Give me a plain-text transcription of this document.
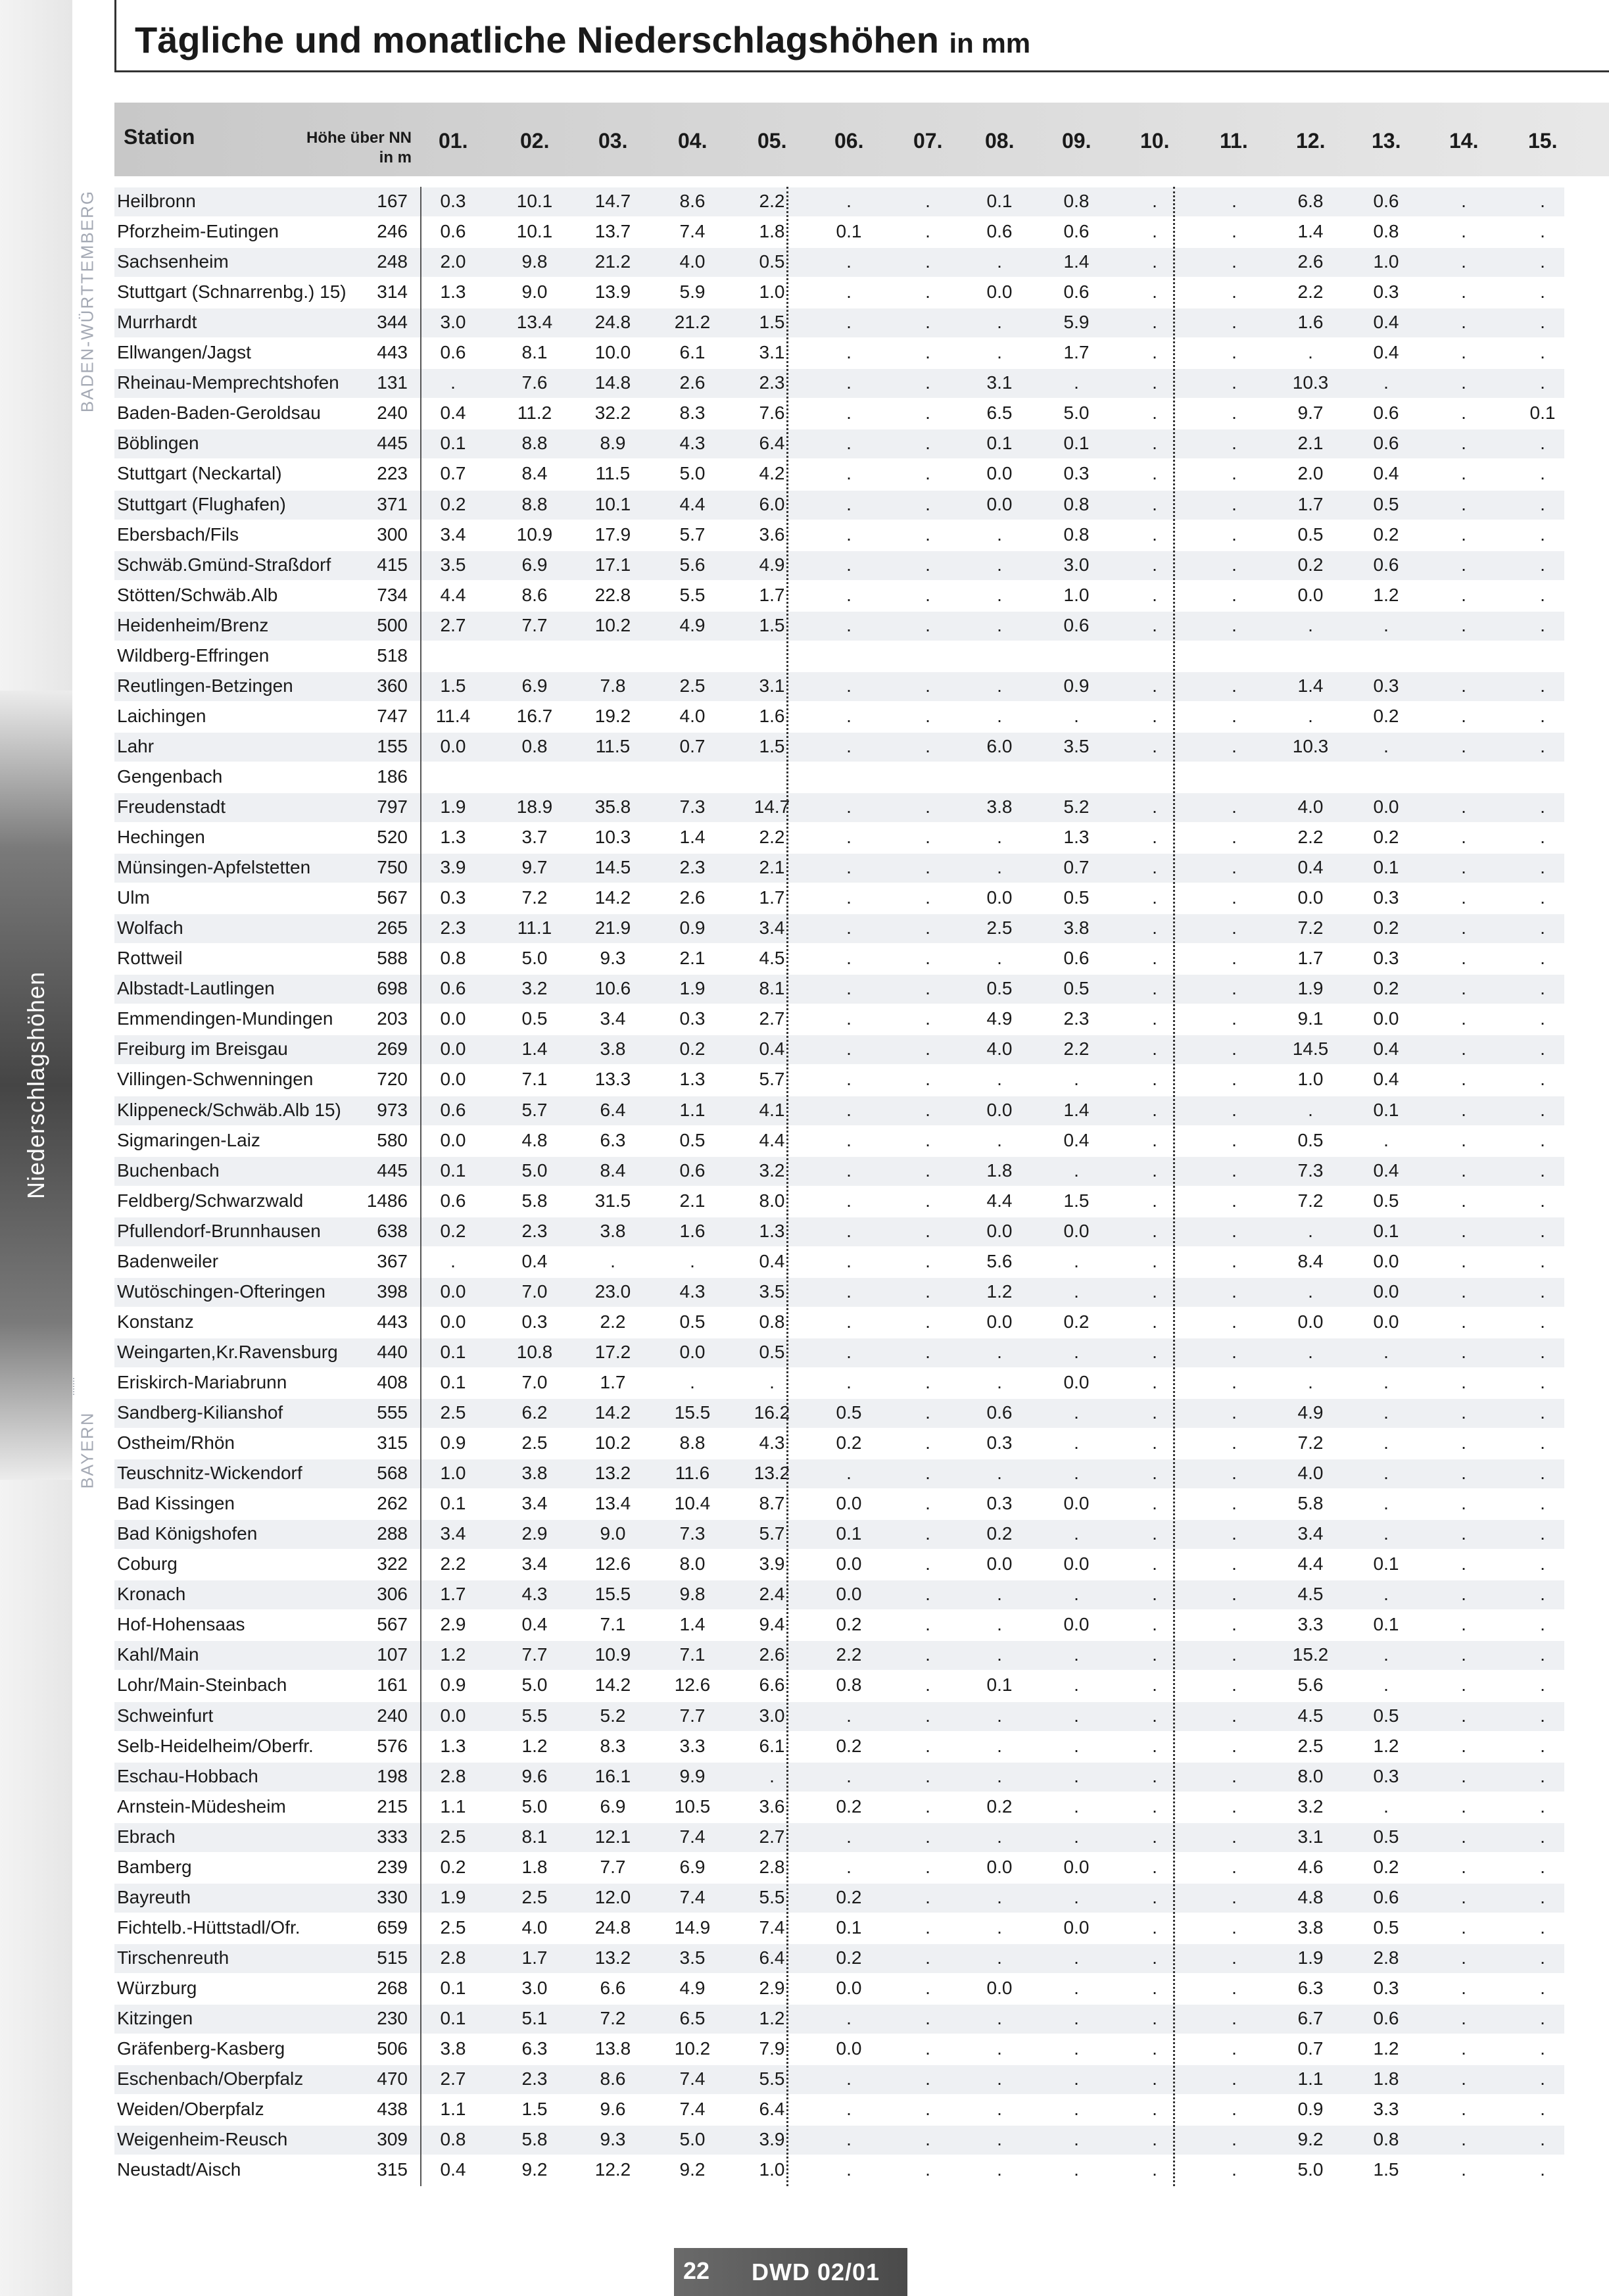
Niederschlagshöhen
BADEN-WÜRTTEMBERG
BAYERN
Tägliche und monatliche Niederschlagshöhen in mm
Station	Höhe über NN
in m
01. 02. 03. 04. 05. 06. 07. 08. 09. 10. 11. 12. 13. 14. 15.
Heilbronn	167 0.3	10.1 14.7	8.6	2.2	.	.	0.1	0.8	.	.	6.8	0.6	.	.
Pforzheim-Eutingen	246 0.6	10.1 13.7	7.4	1.8	0.1	.	0.6	0.6	.	.	1.4	0.8	.	.
Sachsenheim	248 2.0	9.8	21.2	4.0	0.5	.	.	.	1.4	.	.	2.6	1.0	.	.
Stuttgart (Schnarrenbg.) 15)	314 1.3	9.0	13.9	5.9	1.0	.	.	0.0	0.6	.	.	2.2	0.3	.	.
Murrhardt	344 3.0	13.4 24.8 21.2	1.5	.	.	.	5.9	.	.	1.6	0.4	.	.
Ellwangen/Jagst	443 0.6	8.1	10.0	6.1	3.1	.	.	.	1.7	.	.	.	0.4	.	.
Rheinau-Memprechtshofen	131 .	7.6	14.8	2.6	2.3	.	.	3.1	.	.	.	10.3	.	.	.
Baden-Baden-Geroldsau	240 0.4	11.2 32.2	8.3	7.6	.	.	6.5	5.0	.	.	9.7	0.6	.	0.1
Böblingen	445 0.1	8.8	8.9	4.3	6.4	.	.	0.1	0.1	.	.	2.1	0.6	.	.
Stuttgart (Neckartal)	223 0.7	8.4	11.5	5.0	4.2	.	.	0.0	0.3	.	.	2.0	0.4	.	.
Stuttgart (Flughafen)	371 0.2	8.8	10.1	4.4	6.0	.	.	0.0	0.8	.	.	1.7	0.5	.	.
Ebersbach/Fils	300 3.4	10.9 17.9	5.7	3.6	.	.	.	0.8	.	.	0.5	0.2	.	.
Schwäb.Gmünd-Straßdorf	415 3.5	6.9	17.1	5.6	4.9	.	.	.	3.0	.	.	0.2	0.6	.	.
Stötten/Schwäb.Alb	734 4.4	8.6	22.8	5.5	1.7	.	.	.	1.0	.	.	0.0	1.2	.	.
Heidenheim/Brenz	500 2.7	7.7	10.2	4.9	1.5	.	.	.	0.6	.	.	.	.	.	.
Wildberg-Effringen	518
Reutlingen-Betzingen	360 1.5	6.9	7.8	2.5	3.1	.	.	.	0.9	.	.	1.4	0.3	.	.
Laichingen	747 11.4	16.7 19.2	4.0	1.6	.	.	.	.	.	.	.	0.2	.	.
Lahr	155 0.0	0.8	11.5	0.7	1.5	.	.	6.0	3.5	.	.	10.3	.	.	.
Gengenbach	186
Freudenstadt	797 1.9	18.9 35.8	7.3	14.7	.	.	3.8	5.2	.	.	4.0	0.0	.	.
Hechingen	520 1.3	3.7	10.3	1.4	2.2	.	.	.	1.3	.	.	2.2	0.2	.	.
Münsingen-Apfelstetten	750 3.9	9.7	14.5	2.3	2.1	.	.	.	0.7	.	.	0.4	0.1	.	.
Ulm	567 0.3	7.2	14.2	2.6	1.7	.	.	0.0	0.5	.	.	0.0	0.3	.	.
Wolfach	265 2.3	11.1 21.9	0.9	3.4	.	.	2.5	3.8	.	.	7.2	0.2	.	.
Rottweil	588 0.8	5.0	9.3	2.1	4.5	.	.	.	0.6	.	.	1.7	0.3	.	.
Albstadt-Lautlingen	698 0.6	3.2	10.6	1.9	8.1	.	.	0.5	0.5	.	.	1.9	0.2	.	.
Emmendingen-Mundingen	203 0.0	0.5	3.4	0.3	2.7	.	.	4.9	2.3	.	.	9.1	0.0	.	.
Freiburg im Breisgau	269 0.0	1.4	3.8	0.2	0.4	.	.	4.0	2.2	.	.	14.5 0.4	.	.
Villingen-Schwenningen	720 0.0	7.1	13.3	1.3	5.7	.	.	.	.	.	.	1.0	0.4	.	.
Klippeneck/Schwäb.Alb 15)	973 0.6	5.7	6.4	1.1	4.1	.	.	0.0	1.4	.	.	.	0.1	.	.
Sigmaringen-Laiz	580 0.0	4.8	6.3	0.5	4.4	.	.	.	0.4	.	.	0.5	.	.	.
Buchenbach	445 0.1	5.0	8.4	0.6	3.2	.	.	1.8	.	.	.	7.3	0.4	.	.
Feldberg/Schwarzwald	1486 0.6	5.8	31.5	2.1	8.0	.	.	4.4	1.5	.	.	7.2	0.5	.	.
Pfullendorf-Brunnhausen	638 0.2	2.3	3.8	1.6	1.3	.	.	0.0	0.0	.	.	.	0.1	.	.
Badenweiler	367 .	0.4	.	.	0.4	.	.	5.6	.	.	.	8.4	0.0	.	.
Wutöschingen-Ofteringen	398 0.0	7.0	23.0	4.3	3.5	.	.	1.2	.	.	.	.	0.0	.	.
Konstanz	443 0.0	0.3	2.2	0.5	0.8	.	.	0.0	0.2	.	.	0.0	0.0	.	.
Weingarten,Kr.Ravensburg	440 0.1	10.8 17.2	0.0	0.5	.	.	.	.	.	.	.	.	.	.
Eriskirch-Mariabrunn	408 0.1	7.0	1.7	.	.	.	.	.	0.0	.	.	.	.	.	.
Sandberg-Kilianshof	555 2.5	6.2	14.2 15.5 16.2	0.5	.	0.6	.	.	.	4.9	.	.	.
Ostheim/Rhön	315 0.9	2.5	10.2	8.8	4.3	0.2	.	0.3	.	.	.	7.2	.	.	.
Teuschnitz-Wickendorf	568 1.0	3.8	13.2 11.6 13.2	.	.	.	.	.	.	4.0	.	.	.
Bad Kissingen	262 0.1	3.4	13.4 10.4	8.7	0.0	.	0.3	0.0	.	.	5.8	.	.	.
Bad Königshofen	288 3.4	2.9	9.0	7.3	5.7	0.1	.	0.2	.	.	.	3.4	.	.	.
Coburg	322 2.2	3.4	12.6	8.0	3.9	0.0	.	0.0	0.0	.	.	4.4	0.1	.	.
Kronach	306 1.7	4.3	15.5	9.8	2.4	0.0	.	.	.	.	.	4.5	.	.	.
Hof-Hohensaas	567 2.9	0.4	7.1	1.4	9.4	0.2	.	.	0.0	.	.	3.3	0.1	.	.
Kahl/Main	107 1.2	7.7	10.9	7.1	2.6	2.2	.	.	.	.	.	15.2	.	.	.
Lohr/Main-Steinbach	161 0.9	5.0	14.2 12.6	6.6	0.8	.	0.1	.	.	.	5.6	.	.	.
Schweinfurt	240 0.0	5.5	5.2	7.7	3.0	.	.	.	.	.	.	4.5	0.5	.	.
Selb-Heidelheim/Oberfr.	576 1.3	1.2	8.3	3.3	6.1	0.2	.	.	.	.	.	2.5	1.2	.	.
Eschau-Hobbach	198 2.8	9.6	16.1	9.9	.	.	.	.	.	.	.	8.0	0.3	.	.
Arnstein-Müdesheim	215 1.1	5.0	6.9	10.5	3.6	0.2	.	0.2	.	.	.	3.2	.	.	.
Ebrach	333 2.5	8.1	12.1	7.4	2.7	.	.	.	.	.	.	3.1	0.5	.	.
Bamberg	239 0.2	1.8	7.7	6.9	2.8	.	.	0.0	0.0	.	.	4.6	0.2	.	.
Bayreuth	330 1.9	2.5	12.0	7.4	5.5	0.2	.	.	.	.	.	4.8	0.6	.	.
Fichtelb.-Hüttstadl/Ofr.	659 2.5	4.0	24.8 14.9	7.4	0.1	.	.	0.0	.	.	3.8	0.5	.	.
Tirschenreuth	515 2.8	1.7	13.2	3.5	6.4	0.2	.	.	.	.	.	1.9	2.8	.	.
Würzburg	268 0.1	3.0	6.6	4.9	2.9	0.0	.	0.0	.	.	.	6.3	0.3	.	.
Kitzingen	230 0.1	5.1	7.2	6.5	1.2	.	.	.	.	.	.	6.7	0.6	.	.
Gräfenberg-Kasberg	506 3.8	6.3	13.8 10.2	7.9	0.0	.	.	.	.	.	0.7	1.2	.	.
Eschenbach/Oberpfalz	470 2.7	2.3	8.6	7.4	5.5	.	.	.	.	.	.	1.1	1.8	.	.
Weiden/Oberpfalz	438 1.1	1.5	9.6	7.4	6.4	.	.	.	.	.	.	0.9	3.3	.	.
Weigenheim-Reusch	309 0.8	5.8	9.3	5.0	3.9	.	.	.	.	.	.	9.2	0.8	.	.
Neustadt/Aisch	315 0.4	9.2	12.2	9.2	1.0	.	.	.	.	.	.	5.0	1.5	.	.
22 DWD 02/01
